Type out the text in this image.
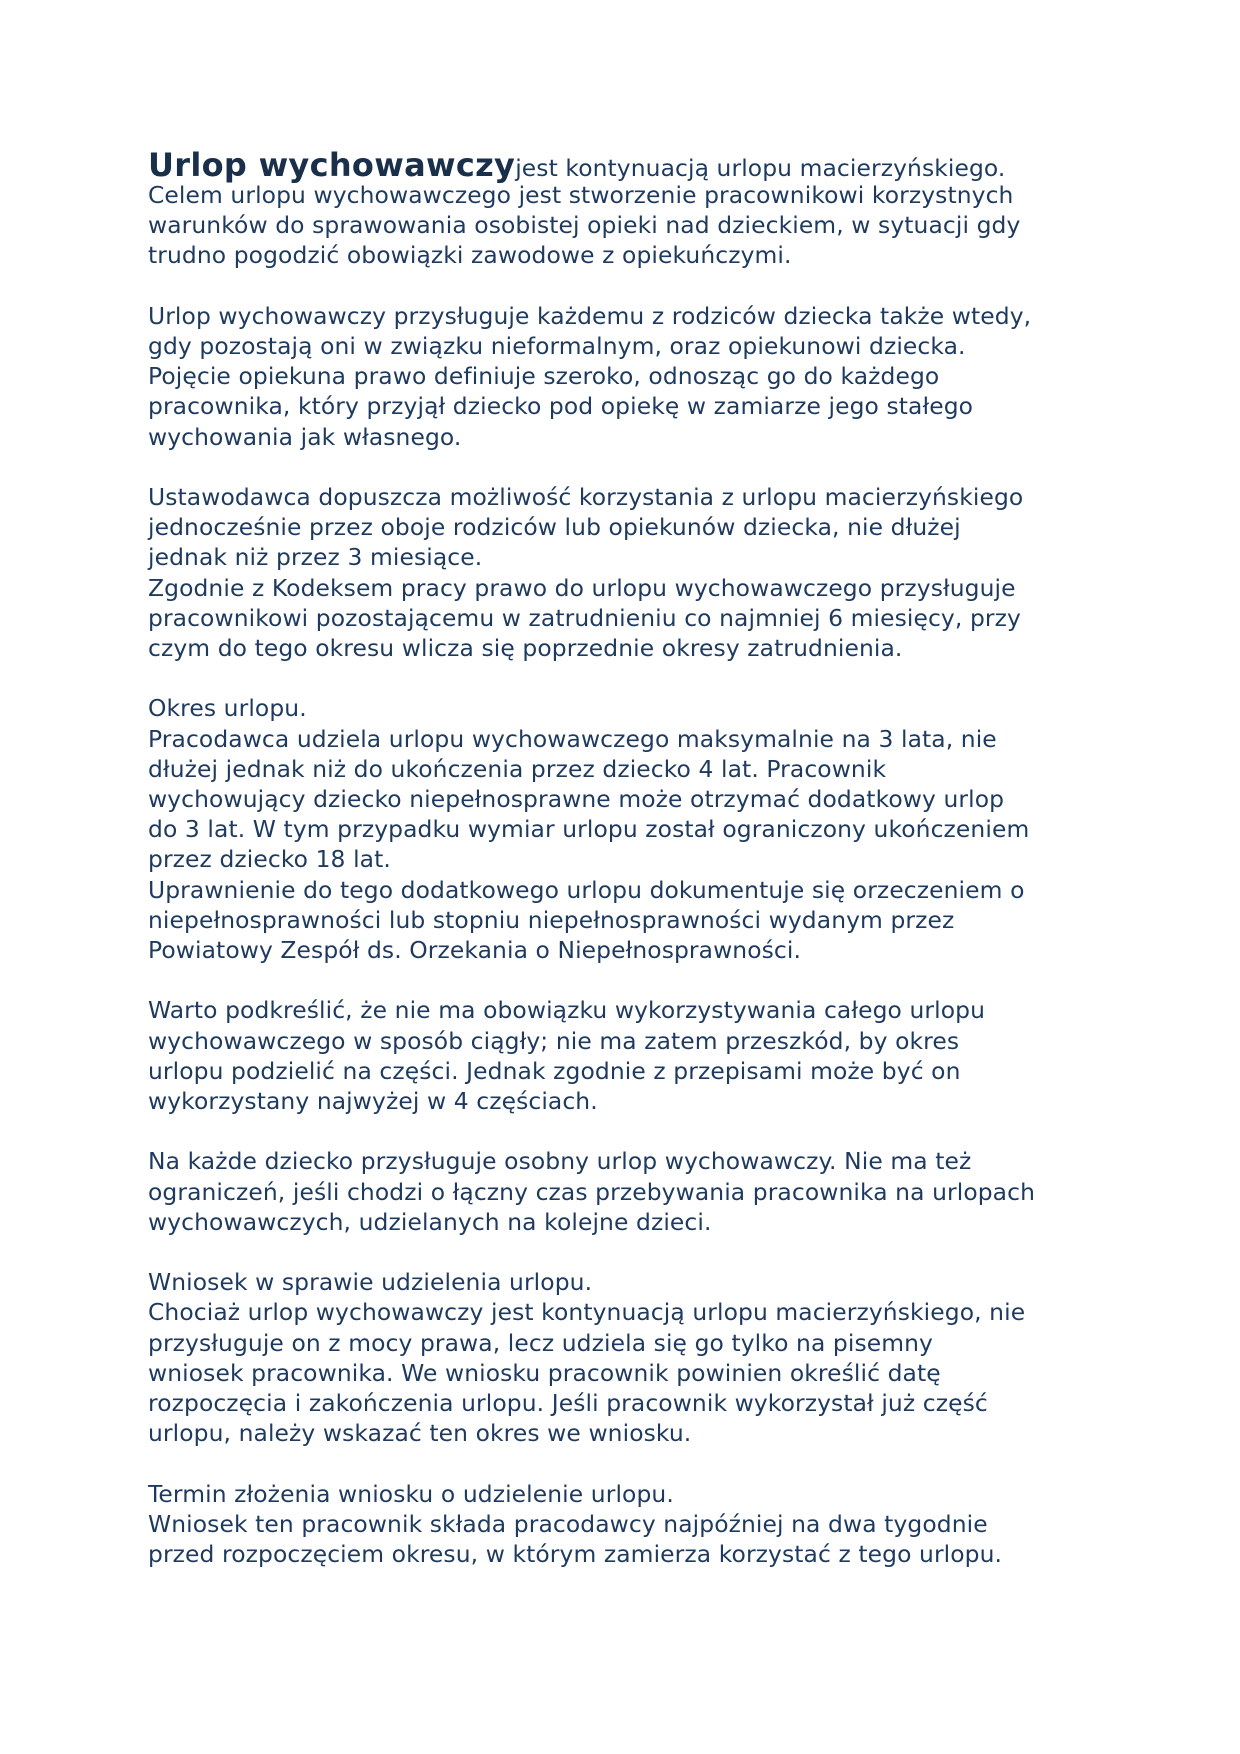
Urlop wychowawczyjest kontynuacją urlopu macierzyńskiego.
Celem urlopu wychowawczego jest stworzenie pracownikowi korzystnych
warunków do sprawowania osobistej opieki nad dzieckiem, w sytuacji gdy
trudno pogodzić obowiązki zawodowe z opiekuńczymi.
Urlop wychowawczy przysługuje każdemu z rodziców dziecka także wtedy,
gdy pozostają oni w związku nieformalnym, oraz opiekunowi dziecka.
Pojęcie opiekuna prawo definiuje szeroko, odnosząc go do każdego
pracownika, który przyjął dziecko pod opiekę w zamiarze jego stałego
wychowania jak własnego.
Ustawodawca dopuszcza możliwość korzystania z urlopu macierzyńskiego
jednocześnie przez oboje rodziców lub opiekunów dziecka, nie dłużej
jednak niż przez 3 miesiące.
Zgodnie z Kodeksem pracy prawo do urlopu wychowawczego przysługuje
pracownikowi pozostającemu w zatrudnieniu co najmniej 6 miesięcy, przy
czym do tego okresu wlicza się poprzednie okresy zatrudnienia.
Okres urlopu.
Pracodawca udziela urlopu wychowawczego maksymalnie na 3 lata, nie
dłużej jednak niż do ukończenia przez dziecko 4 lat. Pracownik
wychowujący dziecko niepełnosprawne może otrzymać dodatkowy urlop
do 3 lat. W tym przypadku wymiar urlopu został ograniczony ukończeniem
przez dziecko 18 lat.
Uprawnienie do tego dodatkowego urlopu dokumentuje się orzeczeniem o
niepełnosprawności lub stopniu niepełnosprawności wydanym przez
Powiatowy Zespół ds. Orzekania o Niepełnosprawności.
Warto podkreślić, że nie ma obowiązku wykorzystywania całego urlopu
wychowawczego w sposób ciągły; nie ma zatem przeszkód, by okres
urlopu podzielić na części. Jednak zgodnie z przepisami może być on
wykorzystany najwyżej w 4 częściach.
Na każde dziecko przysługuje osobny urlop wychowawczy. Nie ma też
ograniczeń, jeśli chodzi o łączny czas przebywania pracownika na urlopach
wychowawczych, udzielanych na kolejne dzieci.
Wniosek w sprawie udzielenia urlopu.
Chociaż urlop wychowawczy jest kontynuacją urlopu macierzyńskiego, nie
przysługuje on z mocy prawa, lecz udziela się go tylko na pisemny
wniosek pracownika. We wniosku pracownik powinien określić datę
rozpoczęcia i zakończenia urlopu. Jeśli pracownik wykorzystał już część
urlopu, należy wskazać ten okres we wniosku.
Termin złożenia wniosku o udzielenie urlopu.
Wniosek ten pracownik składa pracodawcy najpóźniej na dwa tygodnie
przed rozpoczęciem okresu, w którym zamierza korzystać z tego urlopu.
